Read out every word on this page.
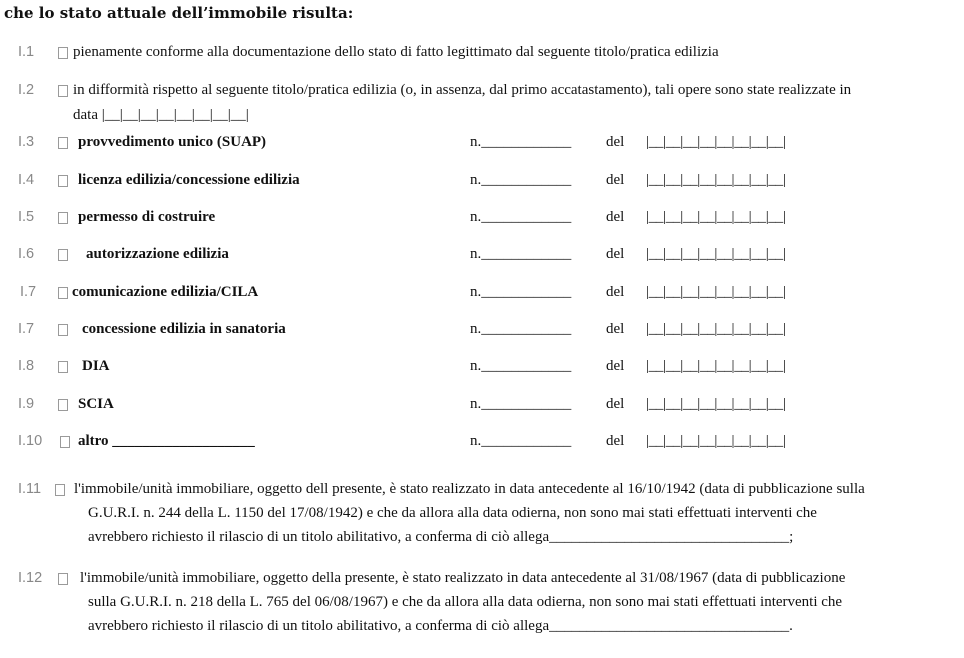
che lo stato attuale dell’immobile risulta:
I.1	pienamente conforme alla documentazione dello stato di fatto legittimato dal seguente titolo/pratica edilizia
I.2	in difformità rispetto al seguente titolo/pratica edilizia (o, in assenza, dal primo accatastamento), tali opere sono state realizzate in
data |__|__|__|__|__|__|__|__|
I.3	provvedimento unico (SUAP)	n.____________ del |__|__|__|__|__|__|__|__|
I.4	licenza edilizia/concessione edilizia	n.____________ del |__|__|__|__|__|__|__|__|
I.5	permesso di costruire	n.____________ del |__|__|__|__|__|__|__|__|
I.6	autorizzazione edilizia	n.____________ del |__|__|__|__|__|__|__|__|
I.7 comunicazione edilizia/CILA	n.____________ del |__|__|__|__|__|__|__|__|
I.7	concessione edilizia in sanatoria	n.____________ del |__|__|__|__|__|__|__|__|
I.8	DIA	n.____________ del |__|__|__|__|__|__|__|__|
I.9	SCIA	n.____________ del |__|__|__|__|__|__|__|__|
I.10 altro ___________________	n.____________ del |__|__|__|__|__|__|__|__|
I.11 l'immobile/unità immobiliare, oggetto dell presente, è stato realizzato in data antecedente al 16/10/1942 (data di pubblicazione sulla
G.U.R.I. n. 244 della L. 1150 del 17/08/1942) e che da allora alla data odierna, non sono mai stati effettuati interventi che
avrebbero richiesto il rilascio di un titolo abilitativo, a conferma di ciò allega________________________________;
I.12	l'immobile/unità immobiliare, oggetto della presente, è stato realizzato in data antecedente al 31/08/1967 (data di pubblicazione
sulla G.U.R.I. n. 218 della L. 765 del 06/08/1967) e che da allora alla data odierna, non sono mai stati effettuati interventi che
avrebbero richiesto il rilascio di un titolo abilitativo, a conferma di ciò allega________________________________.
